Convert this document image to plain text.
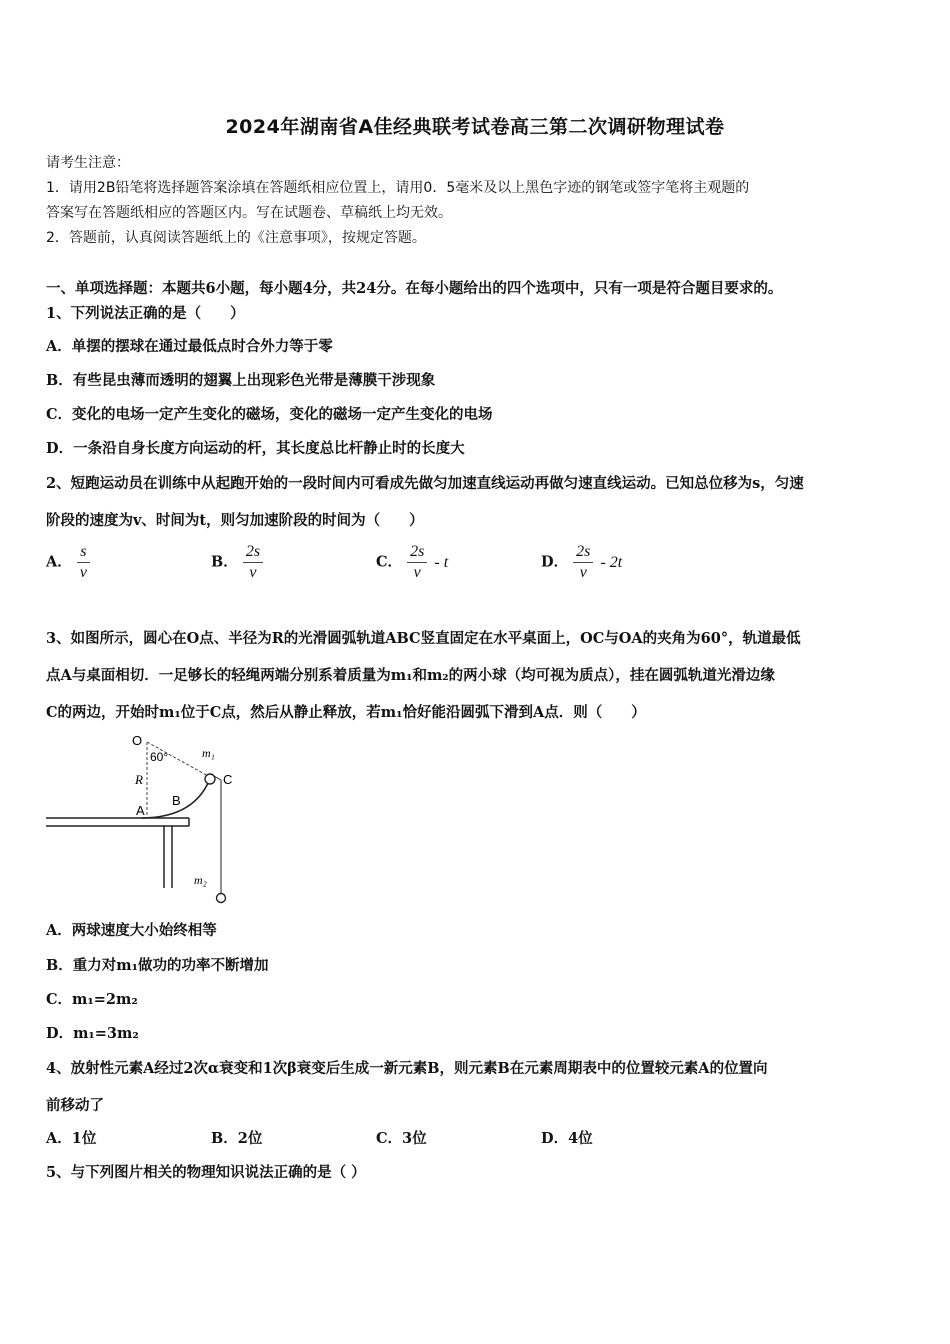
2024年湖南省A佳经典联考试卷高三第二次调研物理试卷
请考生注意：
1．请用2B铅笔将选择题答案涂填在答题纸相应位置上，请用0．5毫米及以上黑色字迹的钢笔或签字笔将主观题的
答案写在答题纸相应的答题区内。写在试题卷、草稿纸上均无效。
2．答题前，认真阅读答题纸上的《注意事项》，按规定答题。
一、单项选择题：本题共6小题，每小题4分，共24分。在每小题给出的四个选项中，只有一项是符合题目要求的。
1、下列说法正确的是（　　）
A．单摆的摆球在通过最低点时合外力等于零
B．有些昆虫薄而透明的翅翼上出现彩色光带是薄膜干涉现象
C．变化的电场一定产生变化的磁场，变化的磁场一定产生变化的电场
D．一条沿自身长度方向运动的杆，其长度总比杆静止时的长度大
2、短跑运动员在训练中从起跑开始的一段时间内可看成先做匀加速直线运动再做匀速直线运动。已知总位移为s，匀速
阶段的速度为v、时间为t，则匀加速阶段的时间为（　　）
A． $\frac{s}{v}$	B． $\frac{2s}{v}$	C． $\frac{2s}{v}$ - t	D． $\frac{2s}{v} - 2t$
3、如图所示，圆心在O点、半径为R的光滑圆弧轨道ABC竖直固定在水平桌面上，OC与OA的夹角为60°，轨道最低
点A与桌面相切．一足够长的轻绳两端分别系着质量为m₁和m₂的两小球（均可视为质点），挂在圆弧轨道光滑边缘
C的两边，开始时m₁位于C点，然后从静止释放，若m₁恰好能沿圆弧下滑到A点．则（　　）
O
60°
R
m₁
C
A
B
m₂
A．两球速度大小始终相等
B．重力对m₁做功的功率不断增加
C．m₁=2m₂
D．m₁=3m₂
4、放射性元素A经过2次α衰变和1次β衰变后生成一新元素B，则元素B在元素周期表中的位置较元素A的位置向
前移动了
A．1位	B．2位	C．3位	D．4位
5、与下列图片相关的物理知识说法正确的是（ ）
